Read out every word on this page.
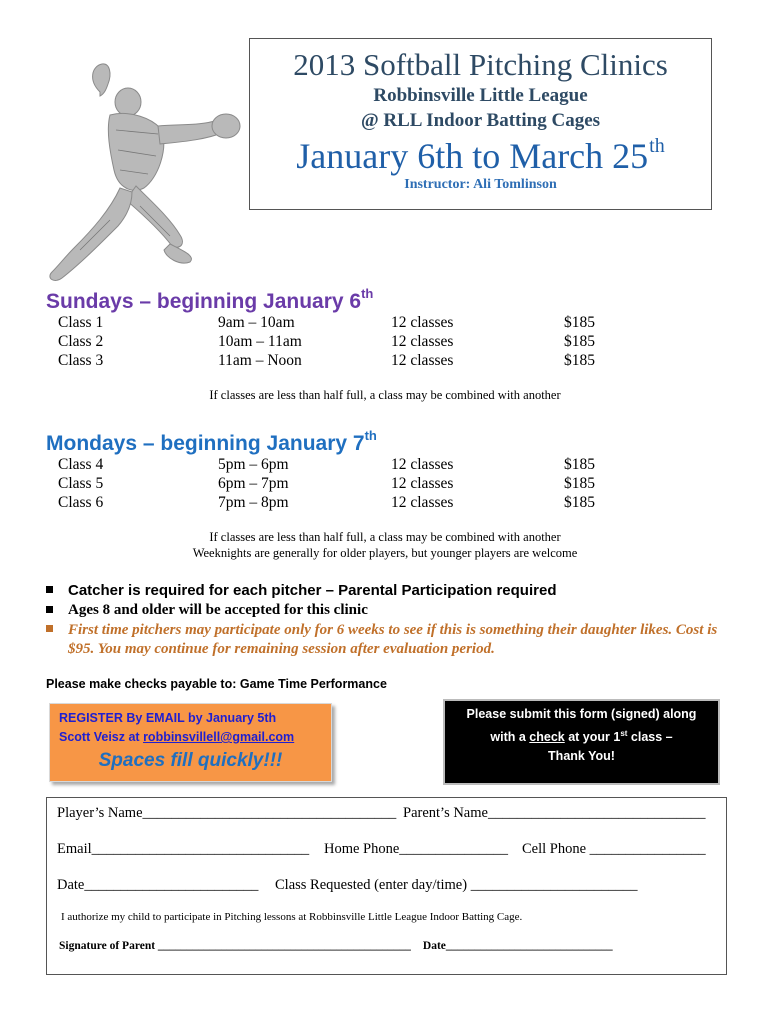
2013 Softball Pitching Clinics
Robbinsville Little League
@ RLL Indoor Batting Cages
January 6th to March 25th
Instructor: Ali Tomlinson
Sundays – beginning January 6th
Class 1	9am – 10am	12 classes	$185
Class 2	10am – 11am	12 classes	$185
Class 3	11am – Noon	12 classes	$185
If classes are less than half full, a class may be combined with another
Mondays – beginning January 7th
Class 4	5pm – 6pm	12 classes	$185
Class 5	6pm – 7pm	12 classes	$185
Class 6	7pm – 8pm	12 classes	$185
If classes are less than half full, a class may be combined with another
Weeknights are generally for older players, but younger players are welcome
Catcher is required for each pitcher – Parental Participation required
Ages 8 and older will be accepted for this clinic
First time pitchers may participate only for 6 weeks to see if this is something their daughter likes. Cost is $95. You may continue for remaining session after evaluation period.
Please make checks payable to: Game Time Performance
REGISTER By EMAIL by January 5th
Scott Veisz at robbinsvillell@gmail.com
Spaces fill quickly!!!
Please submit this form (signed) along
with a check at your 1st class –
Thank You!
Player’s Name___________________________________ Parent’s Name______________________________
Email______________________________ Home Phone_______________ Cell Phone ________________
Date________________________ Class Requested (enter day/time) _______________________
I authorize my child to participate in Pitching lessons at Robbinsville Little League Indoor Batting Cage.
Signature of Parent ____________________________________________ Date_____________________________
